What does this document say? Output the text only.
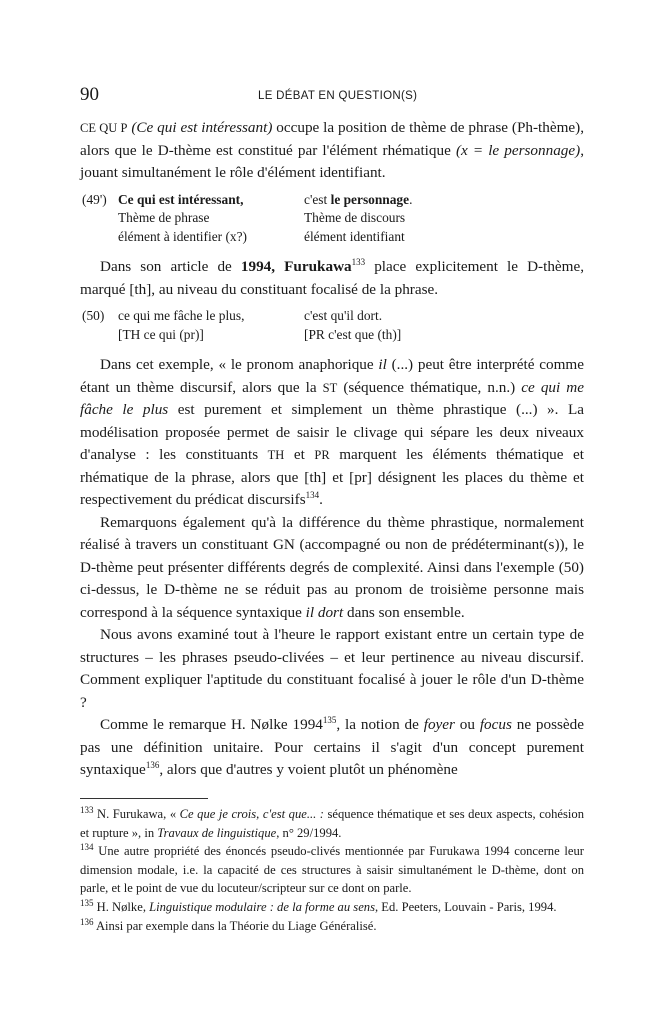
90	LE DÉBAT EN QUESTION(S)

CE QU P (Ce qui est intéressant) occupe la position de thème de phrase (Ph-thème), alors que le D-thème est constitué par l'élément rhématique (x = le personnage), jouant simultanément le rôle d'élément identifiant.

(49') Ce qui est intéressant,	c'est le personnage.
Thème de phrase	Thème de discours
élément à identifier (x?)	élément identifiant

Dans son article de 1994, Furukawa$^{133}$ place explicitement le D-thème, marqué [th], au niveau du constituant focalisé de la phrase.

(50)	ce qui me fâche le plus,	c'est qu'il dort.
[TH ce qui (pr)]	[PR c'est que (th)]

Dans cet exemple, « le pronom anaphorique il (...) peut être interprété comme étant un thème discursif, alors que la ST (séquence thématique, n.n.) ce qui me fâche le plus est purement et simplement un thème phrastique (...) ». La modélisation proposée permet de saisir le clivage qui sépare les deux niveaux d'analyse : les constituants TH et PR marquent les éléments thématique et rhématique de la phrase, alors que [th] et [pr] désignent les places du thème et respectivement du prédicat discursifs$^{134}$.

Remarquons également qu'à la différence du thème phrastique, normalement réalisé à travers un constituant GN (accompagné ou non de prédéterminant(s)), le D-thème peut présenter différents degrés de complexité. Ainsi dans l'exemple (50) ci-dessus, le D-thème ne se réduit pas au pronom de troisième personne mais correspond à la séquence syntaxique il dort dans son ensemble.

Nous avons examiné tout à l'heure le rapport existant entre un certain type de structures – les phrases pseudo-clivées – et leur pertinence au niveau discursif. Comment expliquer l'aptitude du constituant focalisé à jouer le rôle d'un D-thème ?

Comme le remarque H. Nølke 1994$^{135}$, la notion de foyer ou focus ne possède pas une définition unitaire. Pour certains il s'agit d'un concept purement syntaxique$^{136}$, alors que d'autres y voient plutôt un phénomène

$^{133}$ N. Furukawa, « Ce que je crois, c'est que... : séquence thématique et ses deux aspects, cohésion et rupture », in Travaux de linguistique, n° 29/1994.

$^{134}$ Une autre propriété des énoncés pseudo-clivés mentionnée par Furukawa 1994 concerne leur dimension modale, i.e. la capacité de ces structures à saisir simultanément le D-thème, dont on parle, et le point de vue du locuteur/scripteur sur ce dont on parle.

$^{135}$ H. Nølke, Linguistique modulaire : de la forme au sens, Ed. Peeters, Louvain - Paris, 1994.

$^{136}$ Ainsi par exemple dans la Théorie du Liage Généralisé.
